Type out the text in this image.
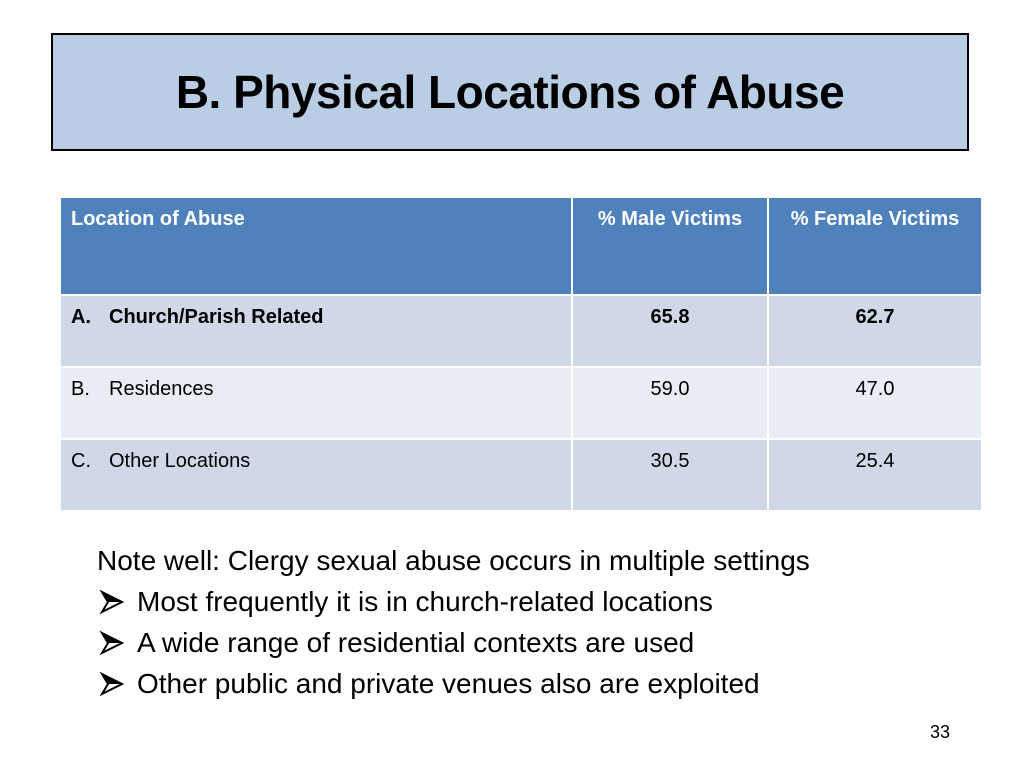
B. Physical Locations of Abuse
Location of Abuse	% Male Victims	% Female Victims
A. Church/Parish Related	65.8	62.7
B. Residences	59.0	47.0
C. Other Locations	30.5	25.4
Note well: Clergy sexual abuse occurs in multiple settings
Most frequently it is in church-related locations
A wide range of residential contexts are used
Other public and private venues also are exploited
33
